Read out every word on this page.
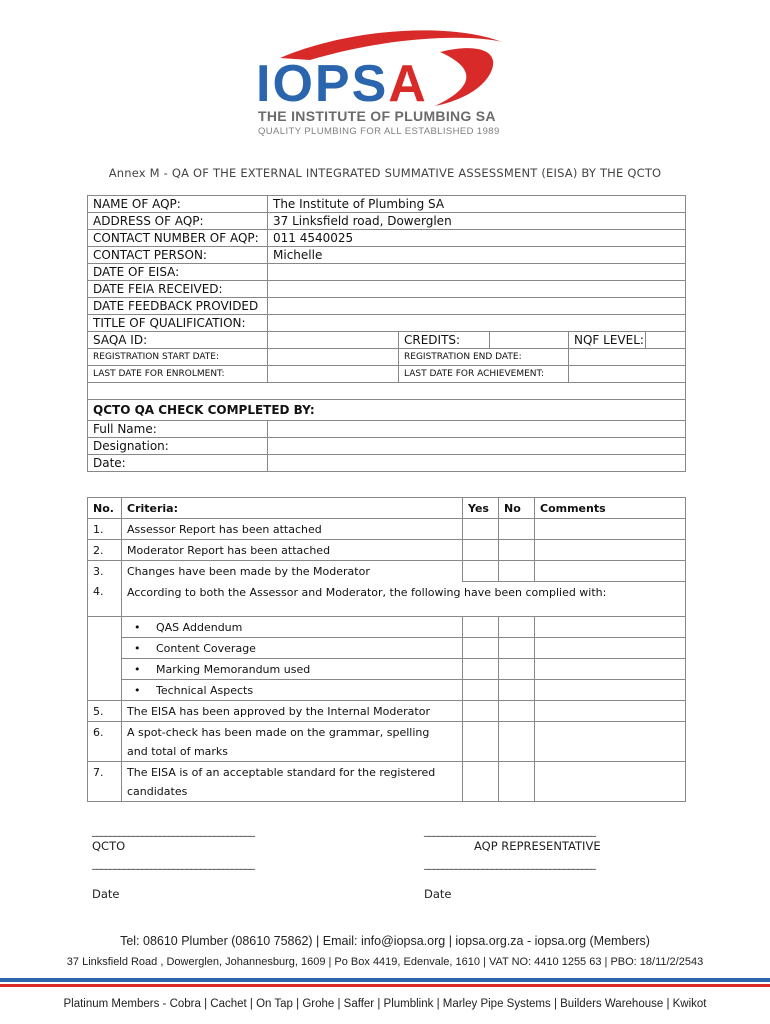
IOPSA
THE INSTITUTE OF PLUMBING SA
QUALITY PLUMBING FOR ALL ESTABLISHED 1989
Annex M - QA OF THE EXTERNAL INTEGRATED SUMMATIVE ASSESSMENT (EISA) BY THE QCTO
NAME OF AQP:	The Institute of Plumbing SA				
ADDRESS OF AQP:	37 Linksfield road, Dowerglen				
CONTACT NUMBER OF AQP:	011 4540025				
CONTACT PERSON:	Michelle				
DATE OF EISA:					
DATE FEIA RECEIVED:					
DATE FEEDBACK PROVIDED					
TITLE OF QUALIFICATION:					
SAQA ID:		CREDITS:		NQF LEVEL:	
REGISTRATION START DATE:		REGISTRATION END DATE:			
LAST DATE FOR ENROLMENT:		LAST DATE FOR ACHIEVEMENT:			

QCTO QA CHECK COMPLETED BY:					
Full Name:					
Designation:					
Date:					
No.	Criteria:	Yes	No	Comments
1.	Assessor Report has been attached			
2.	Moderator Report has been attached			
3.	Changes have been made by the Moderator			
4.	According to both the Assessor and Moderator, the following have been complied with:			
	• QAS Addendum			
	• Content Coverage			
	• Marking Memorandum used			
	• Technical Aspects			
5.	The EISA has been approved by the Internal Moderator			
6.	A spot-check has been made on the grammar, spelling
and total of marks			
7.	The EISA is of an acceptable standard for the registered
candidates			
____________________________________	______________________________________
QCTO	AQP REPRESENTATIVE
____________________________________	______________________________________
Date	Date
Tel: 08610 Plumber (08610 75862) | Email: info@iopsa.org | iopsa.org.za - iopsa.org (Members)
37 Linksfield Road , Dowerglen, Johannesburg, 1609 | Po Box 4419, Edenvale, 1610 | VAT NO: 4410 1255 63 | PBO: 18/11/2/2543
Platinum Members - Cobra | Cachet | On Tap | Grohe | Saffer | Plumblink | Marley Pipe Systems | Builders Warehouse | Kwikot
